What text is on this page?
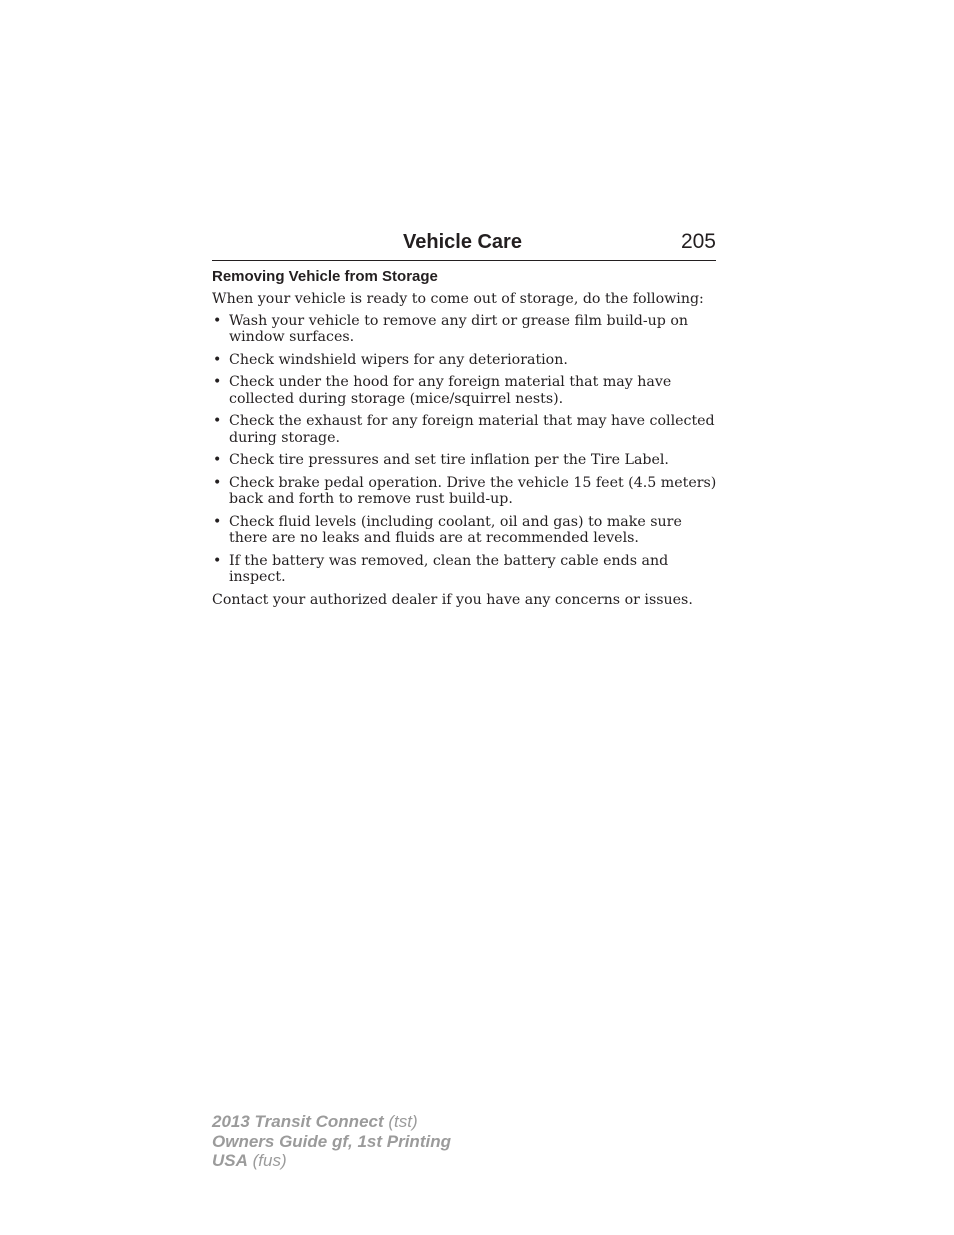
Vehicle Care	205
Removing Vehicle from Storage
When your vehicle is ready to come out of storage, do the following:
• Wash your vehicle to remove any dirt or grease film build-up on window surfaces.
• Check windshield wipers for any deterioration.
• Check under the hood for any foreign material that may have collected during storage (mice/squirrel nests).
• Check the exhaust for any foreign material that may have collected during storage.
• Check tire pressures and set tire inflation per the Tire Label.
• Check brake pedal operation. Drive the vehicle 15 feet (4.5 meters) back and forth to remove rust build-up.
• Check fluid levels (including coolant, oil and gas) to make sure there are no leaks and fluids are at recommended levels.
• If the battery was removed, clean the battery cable ends and inspect.
Contact your authorized dealer if you have any concerns or issues.
2013 Transit Connect (tst)
Owners Guide gf, 1st Printing
USA (fus)
